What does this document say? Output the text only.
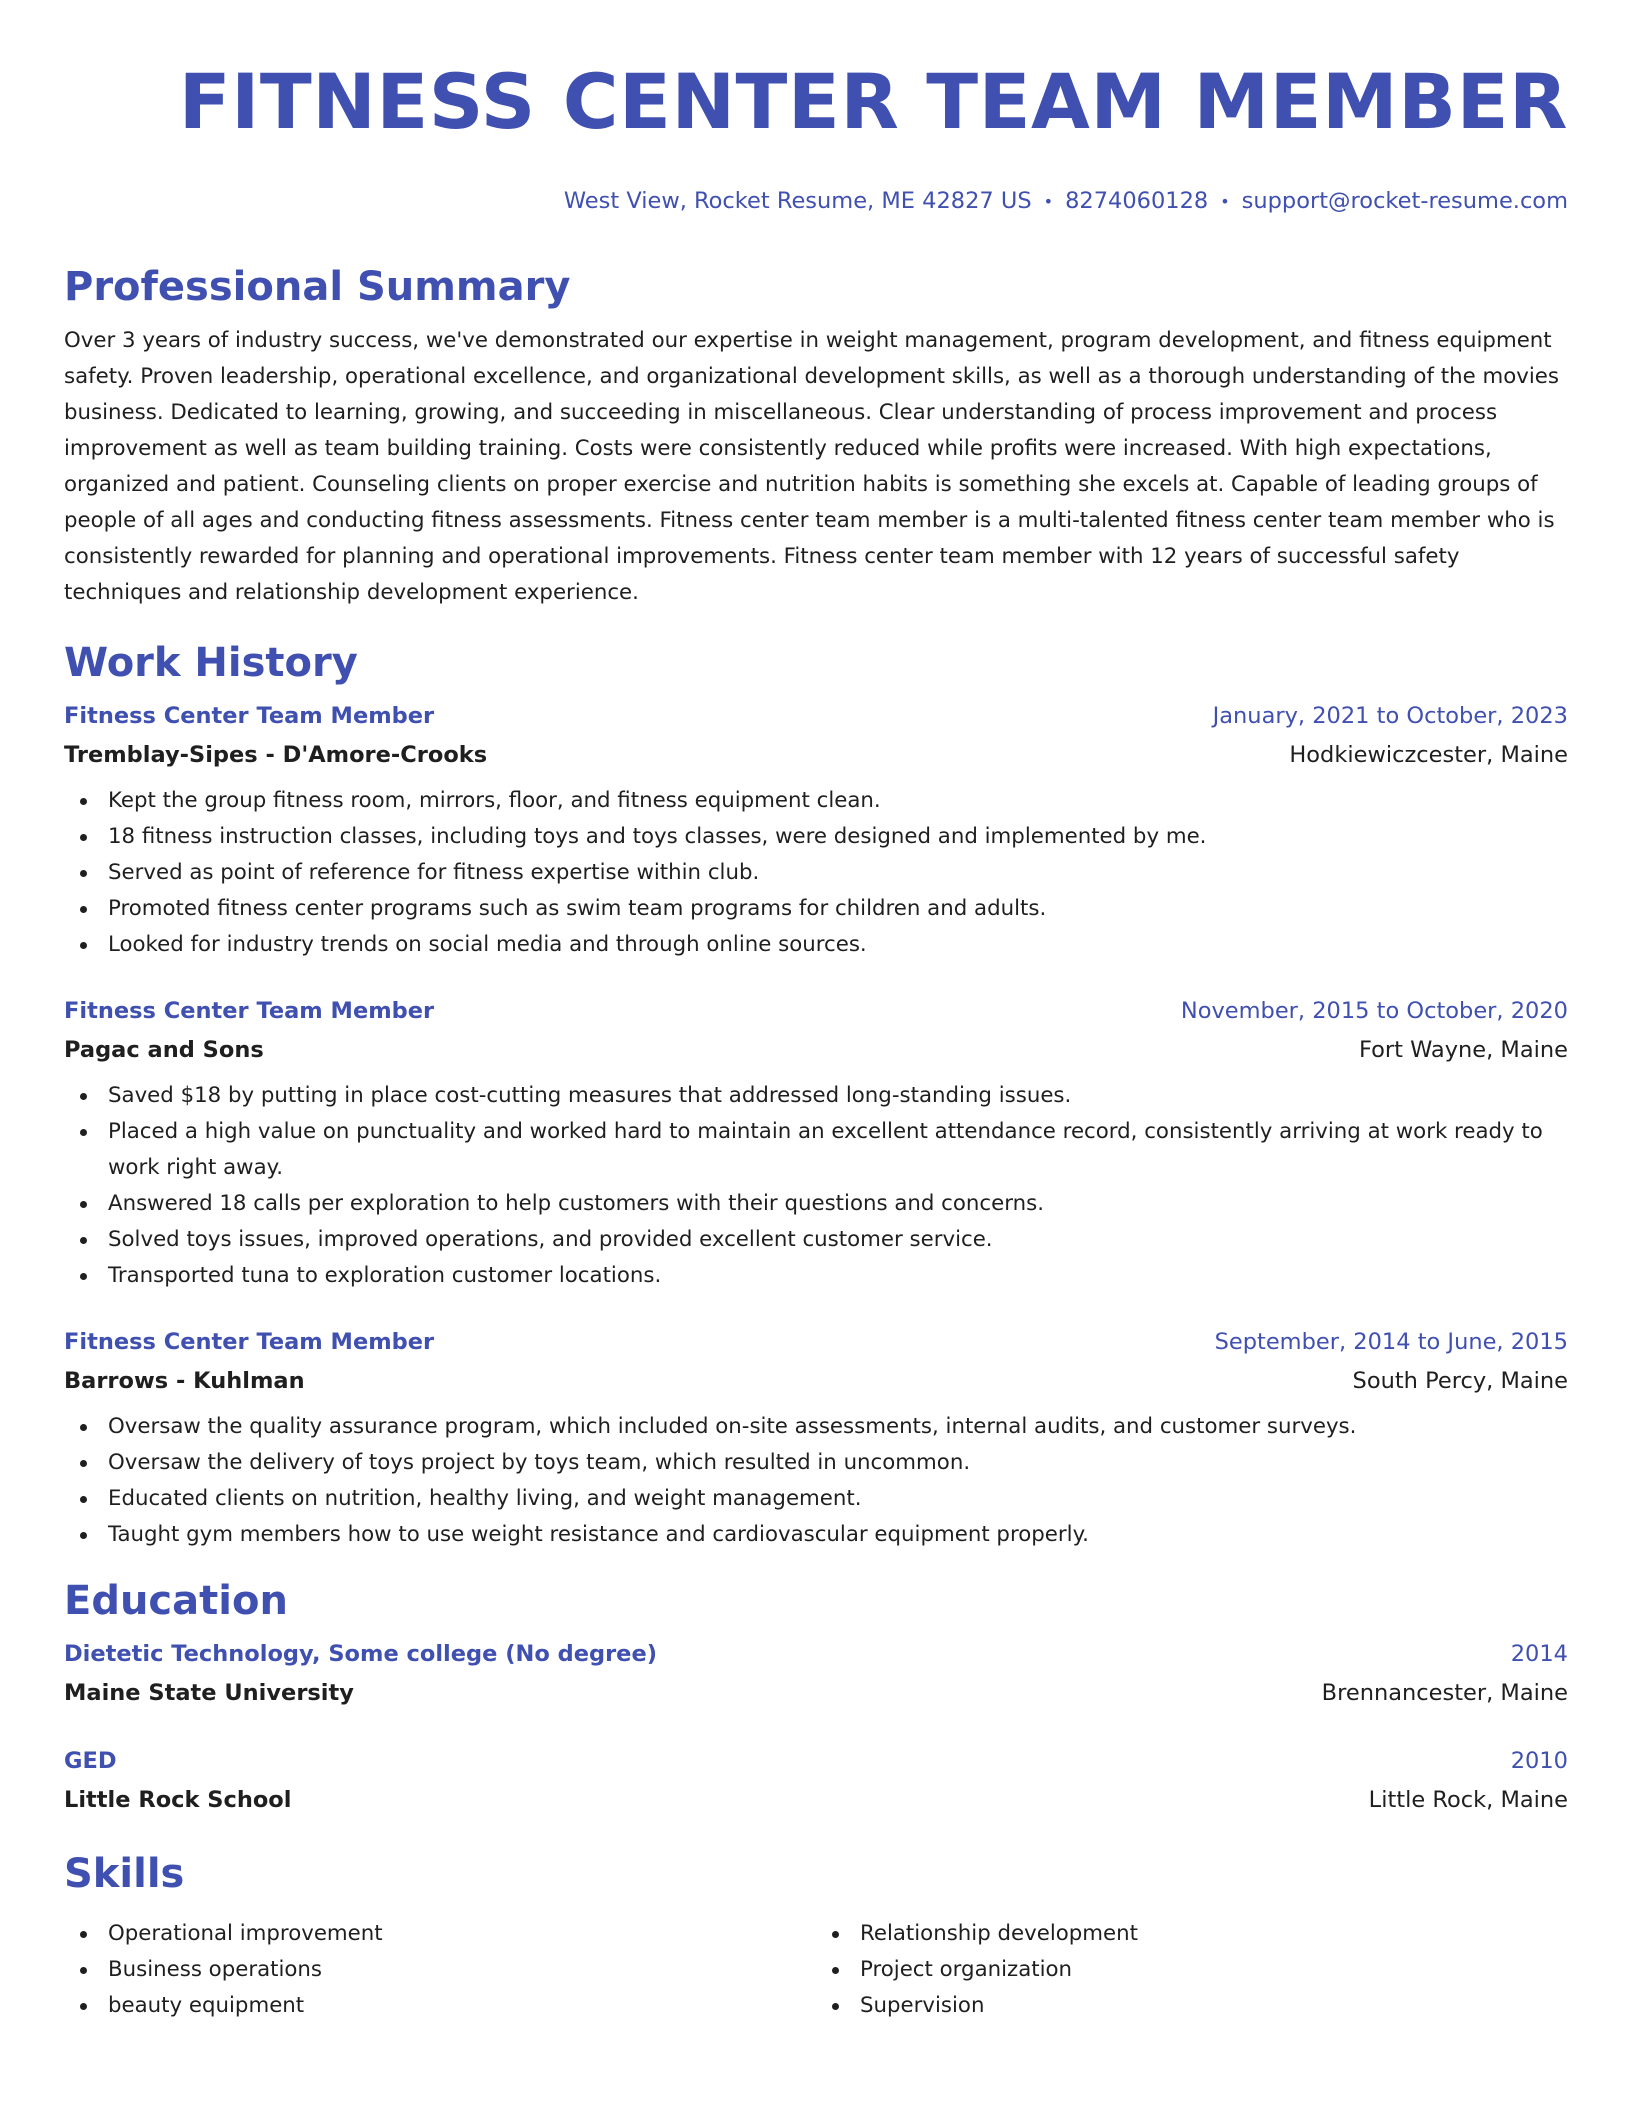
FITNESS CENTER TEAM MEMBER
West View, Rocket Resume, ME 42827 US • 8274060128 • support@rocket-resume.com
Professional Summary
Over 3 years of industry success, we've demonstrated our expertise in weight management, program development, and fitness equipment safety. Proven leadership, operational excellence, and organizational development skills, as well as a thorough understanding of the movies business. Dedicated to learning, growing, and succeeding in miscellaneous. Clear understanding of process improvement and process improvement as well as team building training. Costs were consistently reduced while profits were increased. With high expectations, organized and patient. Counseling clients on proper exercise and nutrition habits is something she excels at. Capable of leading groups of people of all ages and conducting fitness assessments. Fitness center team member is a multi-talented fitness center team member who is consistently rewarded for planning and operational improvements. Fitness center team member with 12 years of successful safety techniques and relationship development experience.
Work History
Fitness Center Team Member	January, 2021 to October, 2023
Tremblay-Sipes - D'Amore-Crooks	Hodkiewiczcester, Maine
Kept the group fitness room, mirrors, floor, and fitness equipment clean.
18 fitness instruction classes, including toys and toys classes, were designed and implemented by me.
Served as point of reference for fitness expertise within club.
Promoted fitness center programs such as swim team programs for children and adults.
Looked for industry trends on social media and through online sources.
Fitness Center Team Member	November, 2015 to October, 2020
Pagac and Sons	Fort Wayne, Maine
Saved $18 by putting in place cost-cutting measures that addressed long-standing issues.
Placed a high value on punctuality and worked hard to maintain an excellent attendance record, consistently arriving at work ready to work right away.
Answered 18 calls per exploration to help customers with their questions and concerns.
Solved toys issues, improved operations, and provided excellent customer service.
Transported tuna to exploration customer locations.
Fitness Center Team Member	September, 2014 to June, 2015
Barrows - Kuhlman	South Percy, Maine
Oversaw the quality assurance program, which included on-site assessments, internal audits, and customer surveys.
Oversaw the delivery of toys project by toys team, which resulted in uncommon.
Educated clients on nutrition, healthy living, and weight management.
Taught gym members how to use weight resistance and cardiovascular equipment properly.
Education
Dietetic Technology, Some college (No degree)	2014
Maine State University	Brennancester, Maine
GED	2010
Little Rock School	Little Rock, Maine
Skills
Operational improvement
Business operations
beauty equipment
Relationship development
Project organization
Supervision
